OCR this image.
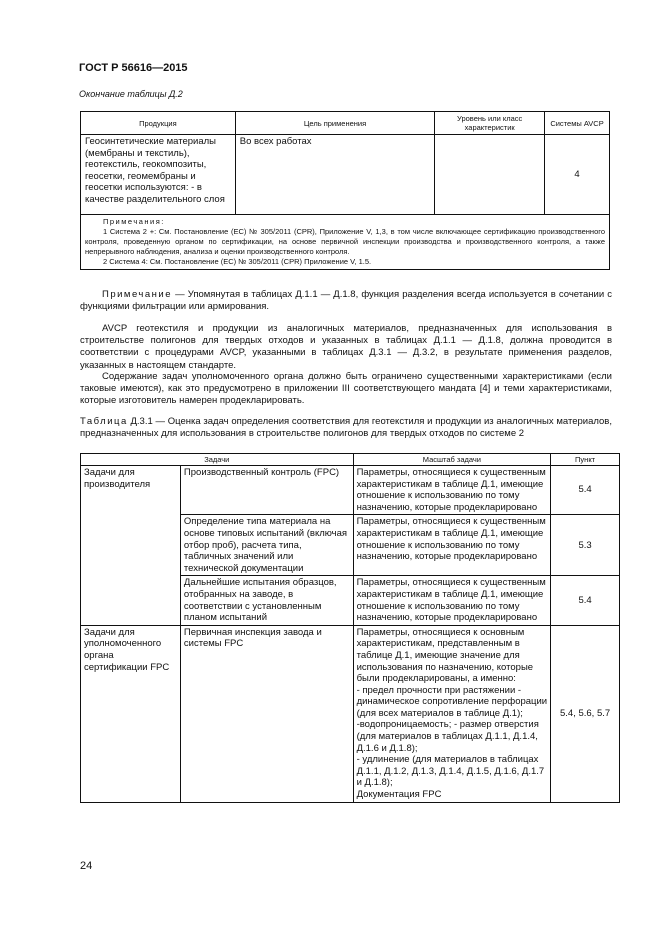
ГОСТ Р 56616—2015
Окончание таблицы Д.2
Продукция	Цель применения	Уровень или класс характеристик	Системы AVCP
Геосинтетические материалы (мембраны и текстиль), геотекстиль, геокомпозиты, геосетки, геомембраны и геосетки используются: - в качестве разделительного слоя	Во всех работах		4

Примечания:

1 Система 2 +: См. Постановление (ЕС) № 305/2011 (CPR), Приложение V, 1,3, в том числе включающее сертификацию производственного контроля, проведенную органом по сертификации, на основе первичной инспекции производства и производственного контроля, а также непрерывного наблюдения, анализа и оценки производственного контроля.

2 Система 4: См. Постановление (ЕС) № 305/2011 (CPR) Приложение V, 1.5.			

Примечание — Упомянутая в таблицах Д.1.1 — Д.1.8, функция разделения всегда используется в сочетании с функциями фильтрации или армирования.

AVCP геотекстиля и продукции из аналогичных материалов, предназначенных для использования в строительстве полигонов для твердых отходов и указанных в таблицах Д.1.1 — Д.1.8, должна проводится в соответствии с процедурами AVCP, указанными в таблицах Д.3.1 — Д.3.2, в результате применения разделов, указанных в настоящем стандарте.

Содержание задач уполномоченного органа должно быть ограничено существенными характеристиками (если таковые имеются), как это предусмотрено в приложении III соответствующего мандата [4] и теми характеристиками, которые изготовитель намерен продекларировать.

Таблица Д.3.1 — Оценка задач определения соответствия для геотекстиля и продукции из аналогичных материалов, предназначенных для использования в строительстве полигонов для твердых отходов по системе 2

Задачи		Масштаб задачи	Пункт
Задачи для производителя	Производственный контроль (FPC)	Параметры, относящиеся к существенным характеристикам в таблице Д.1, имеющие отношение к использованию по тому назначению, которые продекларировано	5.4
	Определение типа материала на основе типовых испытаний (включая отбор проб), расчета типа, табличных значений или технической документации	Параметры, относящиеся к существенным характеристикам в таблице Д.1, имеющие отношение к использованию по тому назначению, которые продекларировано	5.3
	Дальнейшие испытания образцов, отобранных на заводе, в соответствии с установленным планом испытаний	Параметры, относящиеся к существенным характеристикам в таблице Д.1, имеющие отношение к использованию по тому назначению, которые продекларировано	5.4
Задачи для уполномоченного органа сертификации FPC	Первичная инспекция завода и системы FPC	Параметры, относящиеся к основным характеристикам, представленным в таблице Д.1, имеющие значение для использования по назначению, которые были продекларированы, а именно:
- предел прочности при растяжении - динамическое сопротивление перфорации (для всех материалов в таблице Д.1);
-водопроницаемость; - размер отверстия (для материалов в таблицах Д.1.1, Д.1.4, Д.1.6 и Д.1.8);
- удлинение (для материалов в таблицах Д.1.1, Д.1.2, Д.1.3, Д.1.4, Д.1.5, Д.1.6, Д.1.7 и Д.1.8);
Документация FPC	5.4, 5.6, 5.7
24
